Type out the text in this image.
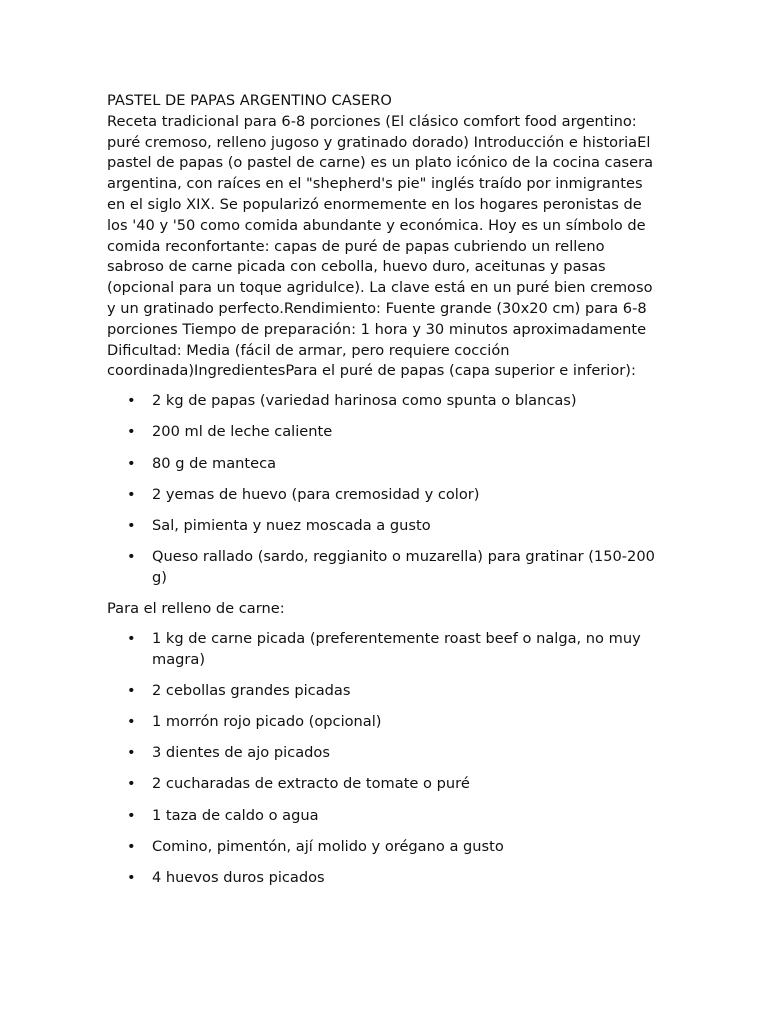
PASTEL DE PAPAS ARGENTINO CASERO

Receta tradicional para 6-8 porciones (El clásico comfort food argentino: puré cremoso, relleno jugoso y gratinado dorado) Introducción e historiaEl pastel de papas (o pastel de carne) es un plato icónico de la cocina casera argentina, con raíces en el "shepherd's pie" inglés traído por inmigrantes en el siglo XIX. Se popularizó enormemente en los hogares peronistas de los '40 y '50 como comida abundante y económica. Hoy es un símbolo de comida reconfortante: capas de puré de papas cubriendo un relleno sabroso de carne picada con cebolla, huevo duro, aceitunas y pasas (opcional para un toque agridulce). La clave está en un puré bien cremoso y un gratinado perfecto.Rendimiento: Fuente grande (30x20 cm) para 6-8 porciones Tiempo de preparación: 1 hora y 30 minutos aproximadamente Dificultad: Media (fácil de armar, pero requiere cocción coordinada)IngredientesPara el puré de papas (capa superior e inferior):

• 2 kg de papas (variedad harinosa como spunta o blancas)
• 200 ml de leche caliente
• 80 g de manteca
• 2 yemas de huevo (para cremosidad y color)
• Sal, pimienta y nuez moscada a gusto
• Queso rallado (sardo, reggianito o muzarella) para gratinar (150-200 g)

Para el relleno de carne:

• 1 kg de carne picada (preferentemente roast beef o nalga, no muy magra)
• 2 cebollas grandes picadas
• 1 morrón rojo picado (opcional)
• 3 dientes de ajo picados
• 2 cucharadas de extracto de tomate o puré
• 1 taza de caldo o agua
• Comino, pimentón, ají molido y orégano a gusto
• 4 huevos duros picados
